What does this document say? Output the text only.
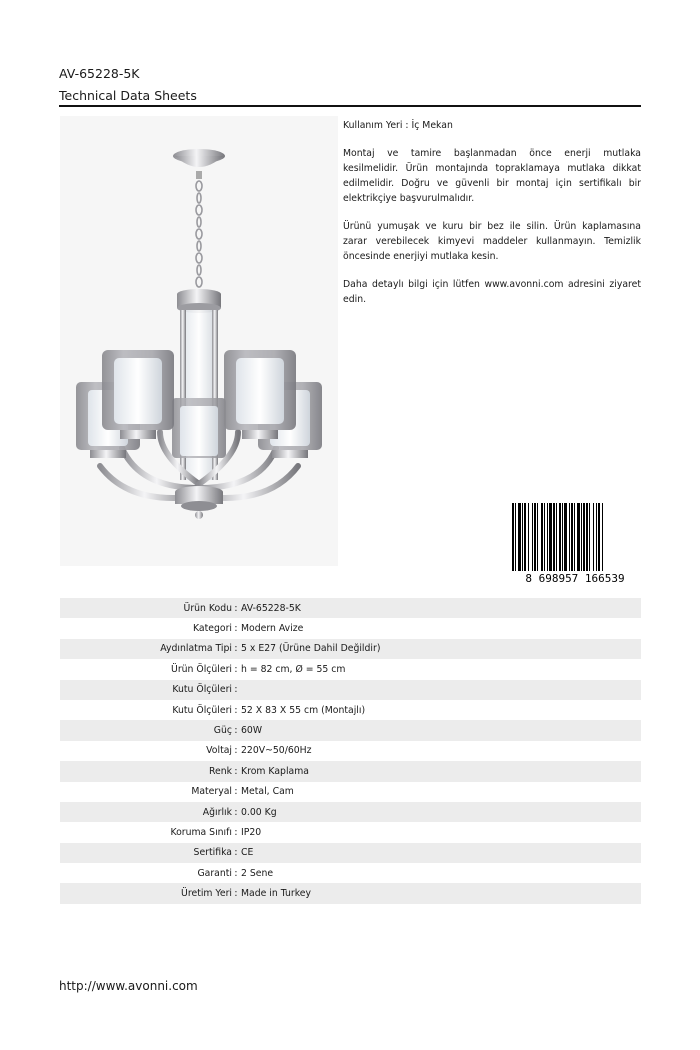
AV-65228-5K
Technical Data Sheets

Kullanım Yeri : İç Mekan

Montaj ve tamire başlanmadan önce enerji mutlaka kesilmelidir. Ürün montajında topraklamaya mutlaka dikkat edilmelidir. Doğru ve güvenli bir montaj için sertifikalı bir elektrikçiye başvurulmalıdır.

Ürünü yumuşak ve kuru bir bez ile silin. Ürün kaplamasına zarar verebilecek kimyevi maddeler kullanmayın. Temizlik öncesinde enerjiyi mutlaka kesin.

Daha detaylı bilgi için lütfen www.avonni.com adresini ziyaret edin.

8 698957 166539
Ürün Kodu : AV-65228-5K
Kategori : Modern Avize
Aydınlatma Tipi : 5 x E27 (Ürüne Dahil Değildir)
Ürün Ölçüleri : h = 82 cm, Ø = 55 cm
Kutu Ölçüleri :
Kutu Ölçüleri : 52 X 83 X 55 cm (Montajlı)
Güç : 60W
Voltaj : 220V~50/60Hz
Renk : Krom Kaplama
Materyal : Metal, Cam
Ağırlık : 0.00 Kg
Koruma Sınıfı : IP20
Sertifika : CE
Garanti : 2 Sene
Üretim Yeri : Made in Turkey
http://www.avonni.com
